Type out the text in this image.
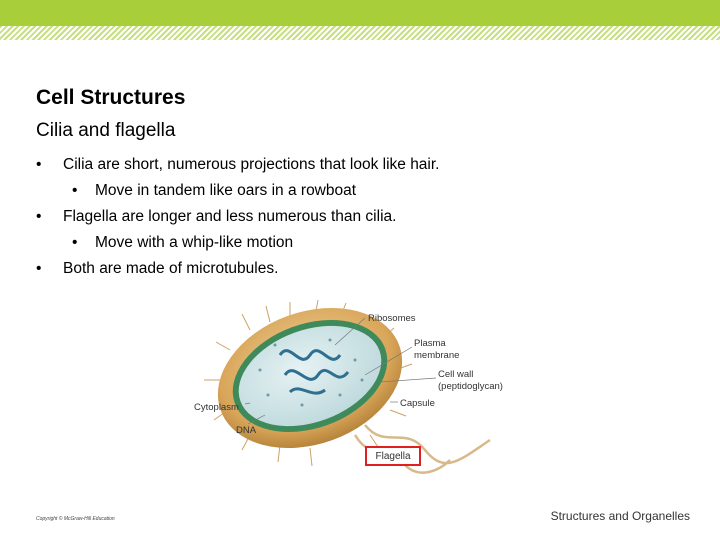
Cell Structures
Cilia and flagella
• Cilia are short, numerous projections that look like hair.
• Move in tandem like oars in a rowboat
• Flagella are longer and less numerous than cilia.
• Move with a whip-like motion
• Both are made of microtubules.
Ribosomes
Plasma
membrane
Cell wall
(peptidoglycan)
Capsule
Cytoplasm
DNA
Flagella
Copyright © McGraw-Hill Education	Structures and Organelles
